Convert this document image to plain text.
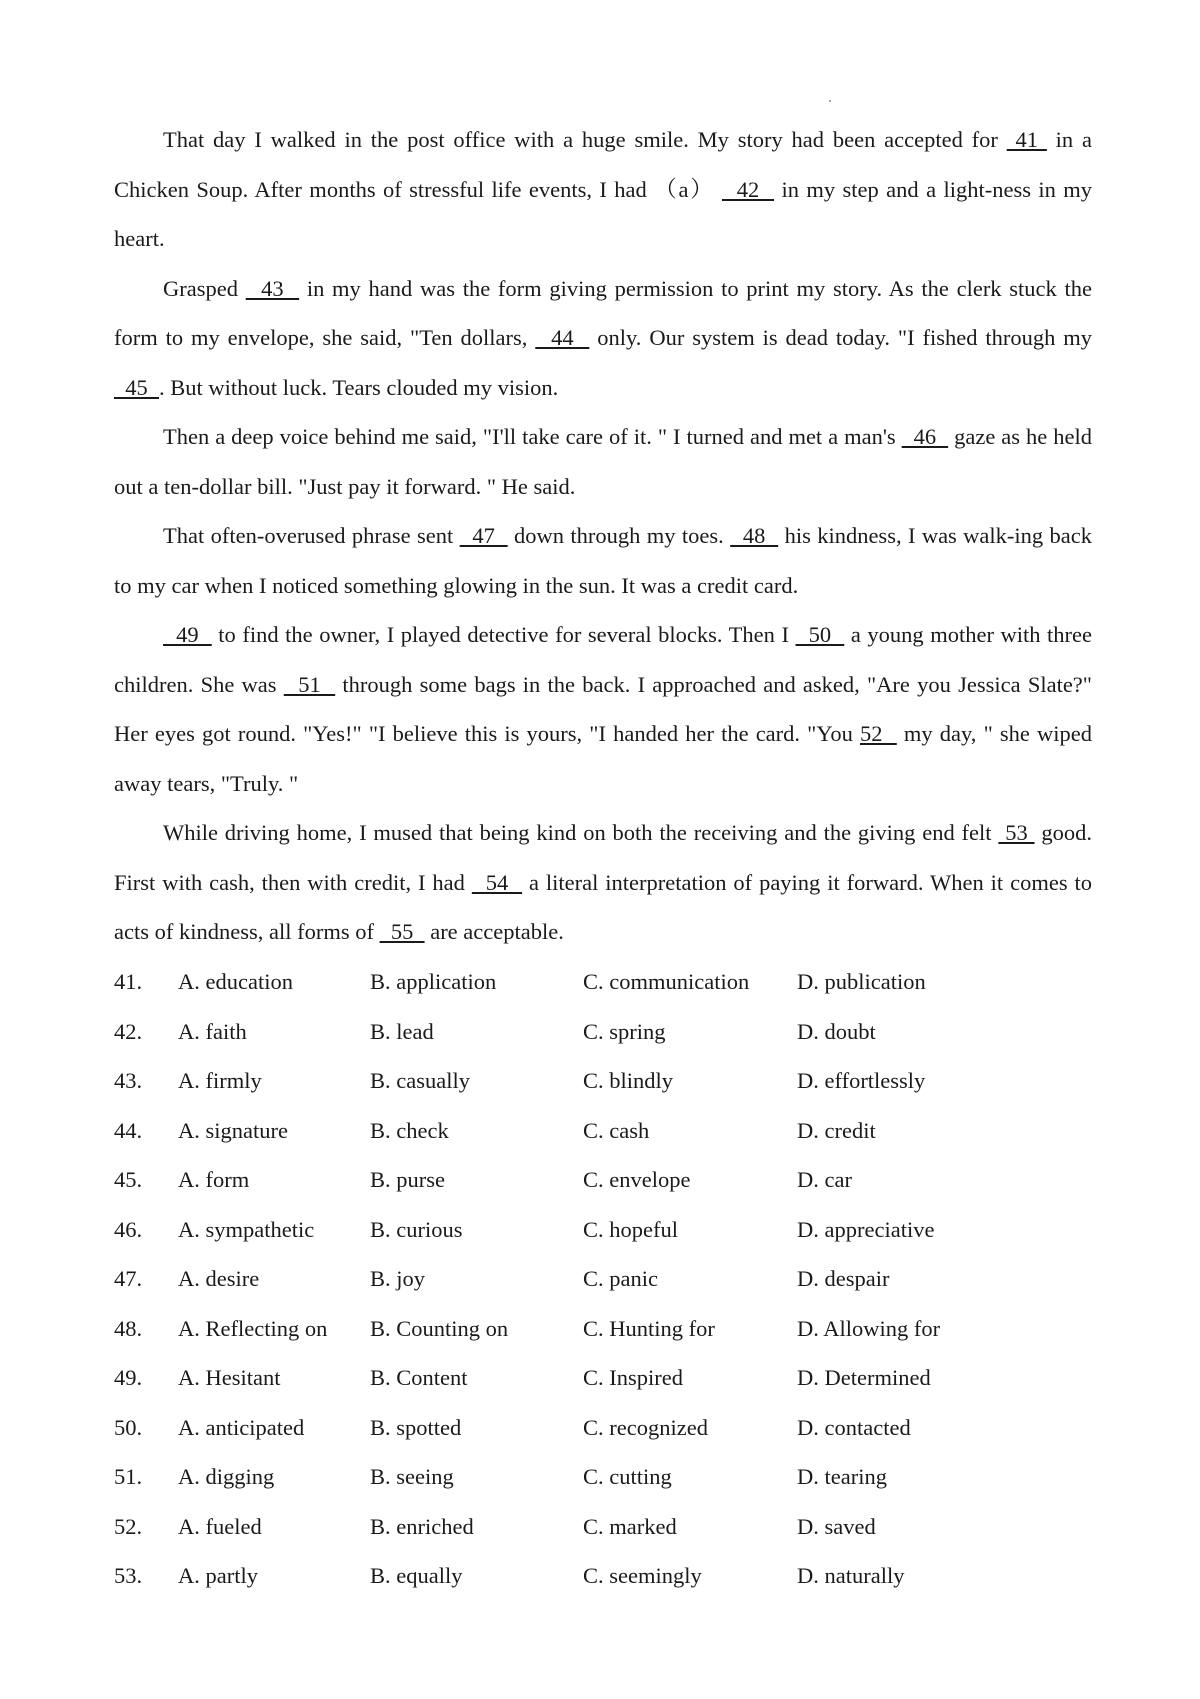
That day I walked in the post office with a huge smile. My story had been accepted for  41  in a Chicken Soup. After months of stressful life events, I had （a）   42   in my step and a light-ness in my heart.

Grasped   43   in my hand was the form giving permission to print my story. As the clerk stuck the form to my envelope, she said, "Ten dollars,   44   only. Our system is dead today. "I fished through my   45  . But without luck. Tears clouded my vision.

Then a deep voice behind me said, "I'll take care of it. " I turned and met a man's   46   gaze as he held out a ten-dollar bill. "Just pay it forward. " He said.

That often-overused phrase sent   47   down through my toes.   48   his kindness, I was walk-ing back to my car when I noticed something glowing in the sun. It was a credit card.

49   to find the owner, I played detective for several blocks. Then I   50   a young mother with three children. She was   51   through some bags in the back. I approached and asked, "Are you Jessica Slate?" Her eyes got round. "Yes!" "I believe this is yours, "I handed her the card. "You 52   my day, " she wiped away tears, "Truly. "

While driving home, I mused that being kind on both the receiving and the giving end felt  53  good. First with cash, then with credit, I had   54   a literal interpretation of paying it forward. When it comes to acts of kindness, all forms of   55   are acceptable.

41. A. education	B. application	C. communication D. publication
42. A. faith	B. lead	C. spring	D. doubt
43. A. firmly	B. casually	C. blindly	D. effortlessly
44. A. signature	B. check	C. cash	D. credit
45. A. form	B. purse	C. envelope	D. car
46. A. sympathetic B. curious	C. hopeful	D. appreciative
47. A. desire	B. joy	C. panic	D. despair
48. A. Reflecting on B. Counting on	C. Hunting for	D. Allowing for
49. A. Hesitant	B. Content	C. Inspired	D. Determined
50. A. anticipated	B. spotted	C. recognized	D. contacted
51. A. digging	B. seeing	C. cutting	D. tearing
52. A. fueled	B. enriched	C. marked	D. saved
53. A. partly	B. equally	C. seemingly	D. naturally
